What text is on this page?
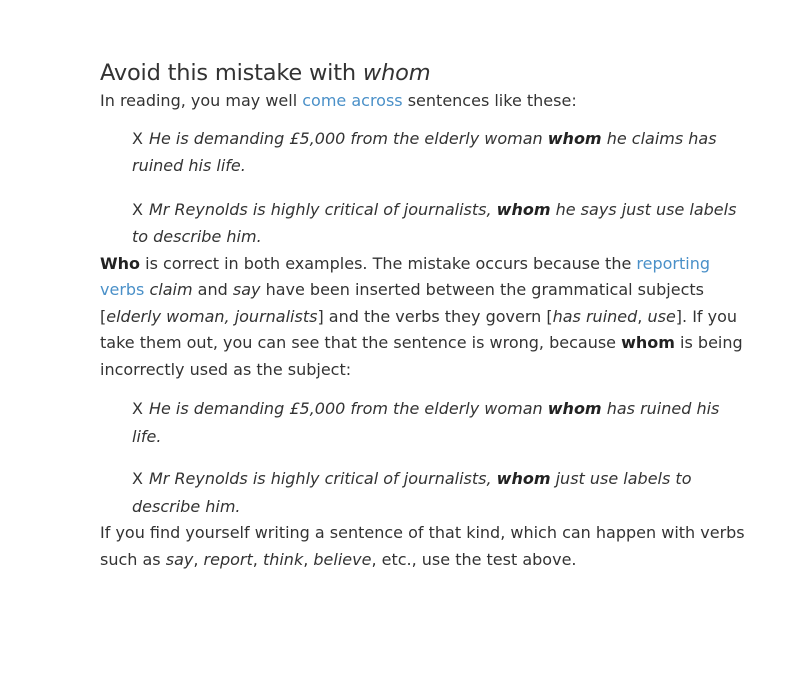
Avoid this mistake with whom

In reading, you may well come across sentences like these:

X He is demanding £5,000 from the elderly woman whom he claims has ruined his life.

X Mr Reynolds is highly critical of journalists, whom he says just use labels to describe him.

Who is correct in both examples. The mistake occurs because the reporting verbs claim and say have been inserted between the grammatical subjects [elderly woman, journalists] and the verbs they govern [has ruined, use]. If you take them out, you can see that the sentence is wrong, because whom is being incorrectly used as the subject:

X He is demanding £5,000 from the elderly woman whom has ruined his life.

X Mr Reynolds is highly critical of journalists, whom just use labels to describe him.

If you find yourself writing a sentence of that kind, which can happen with verbs such as say, report, think, believe, etc., use the test above.
